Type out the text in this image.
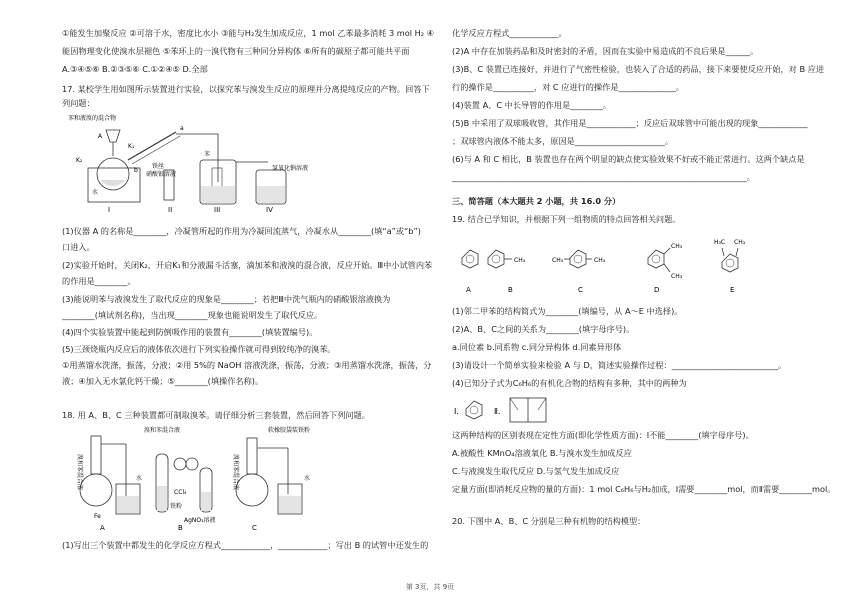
①能发生加聚反应 ②可溶于水，密度比水小 ③能与H₂发生加成反应，1 mol 乙苯最多消耗 3 mol H₂ ④
能因物理变化使溴水层褪色 ⑤苯环上的一溴代物有三种同分异构体 ⑥所有的碳原子都可能共平面
A.③④⑤⑥ B.②③⑤⑥ C.①②④⑤ D.全部
17. 某校学生用如图所示装置进行实验，以探究苯与溴发生反应的原理并分离提纯反应的产物。回答下
列问题：
苯和液溴的混合物
铁丝
苯
硝酸银溶液
氢氧化钠溶液
水
I	II	III	IV
A
K₁
K₂
a
b
(1)仪器 A 的名称是________，冷凝管所起的作用为冷凝回流蒸气，冷凝水从________(填“a”或“b”)
口进入。
(2)实验开始时，关闭K₂，开启K₁和分液漏斗活塞，滴加苯和液溴的混合液，反应开始。Ⅲ中小试管内苯
的作用是________。
(3)能说明苯与液溴发生了取代反应的现象是________；若把Ⅲ中洗气瓶内的硝酸银溶液换为
________(填试剂名称)，当出现________现象也能说明发生了取代反应。
(4)四个实验装置中能起到防倒吸作用的装置有________(填装置编号)。
(5)三颈烧瓶内反应后的液体依次进行下列实验操作就可得到较纯净的溴苯。
①用蒸馏水洗涤，振荡，分液；②用 5%的 NaOH 溶液洗涤，振荡，分液；③用蒸馏水洗涤，振荡，分
液；④加入无水氯化钙干燥；⑤________(填操作名称)。
18. 用 A、B、C 三种装置都可制取溴苯。请仔细分析三套装置，然后回答下列问题。
溴和苯混合液
溴和苯混合液
CCl₄
铁粉
AgNO₃溶液
水
软橡胶袋装铁粉
溴和苯混合液
Fe
A	B	C
水
(1)写出三个装置中都发生的化学反应方程式____________，____________；写出 B 的试管中还发生的
化学反应方程式____________。
(2)A 中存在加装药品和及时密封的矛盾，因而在实验中易造成的不良后果是______。
(3)B、C 装置已连接好，并进行了气密性检验，也装入了合适的药品，接下来要使反应开始，对 B 应进
行的操作是__________，对 C 应进行的操作是______________。
(4)装置 A、C 中长导管的作用是________。
(5)B 中采用了双球吸收管，其作用是____________；反应后双球管中可能出现的现象____________
；双球管内液体不能太多，原因是______________________。
(6)与 A 和 C 相比，B 装置也存在两个明显的缺点使实验效果不好或不能正常进行。这两个缺点是
________________________________________________________________________。
三、简答题（本大题共 2 小题，共 16.0 分）
19. 结合已学知识，并根据下列一组物质的特点回答相关问题。
CH₃	CH₃	CH₃
CH₃
CH₃
H₃C CH₃
A	B	C	D	E
(1)邻二甲苯的结构简式为________(填编号，从 A～E 中选择)。
(2)A、B、C之间的关系为________(填字母序号)。
a.同位素 b.同系物 c.同分异构体 d.同素异形体
(3)请设计一个简单实验来检验 A 与 D，简述实验操作过程：__________________________。
(4)已知分子式为C₆H₆的有机化合物的结构有多种，其中的两种为
Ⅰ.	Ⅱ.
这两种结构的区别表现在定性方面(即化学性质方面)：Ⅰ不能________(填字母序号)。
A.被酸性 KMnO₄溶液氧化 B.与溴水发生加成反应
C.与液溴发生取代反应 D.与氢气发生加成反应
定量方面(即消耗反应物的量的方面)：1 mol C₆H₆与H₂加成，Ⅰ需要________mol，而Ⅱ需要________mol。
20. 下图中 A、B、C 分别是三种有机物的结构模型：
第 3页，共 9页
